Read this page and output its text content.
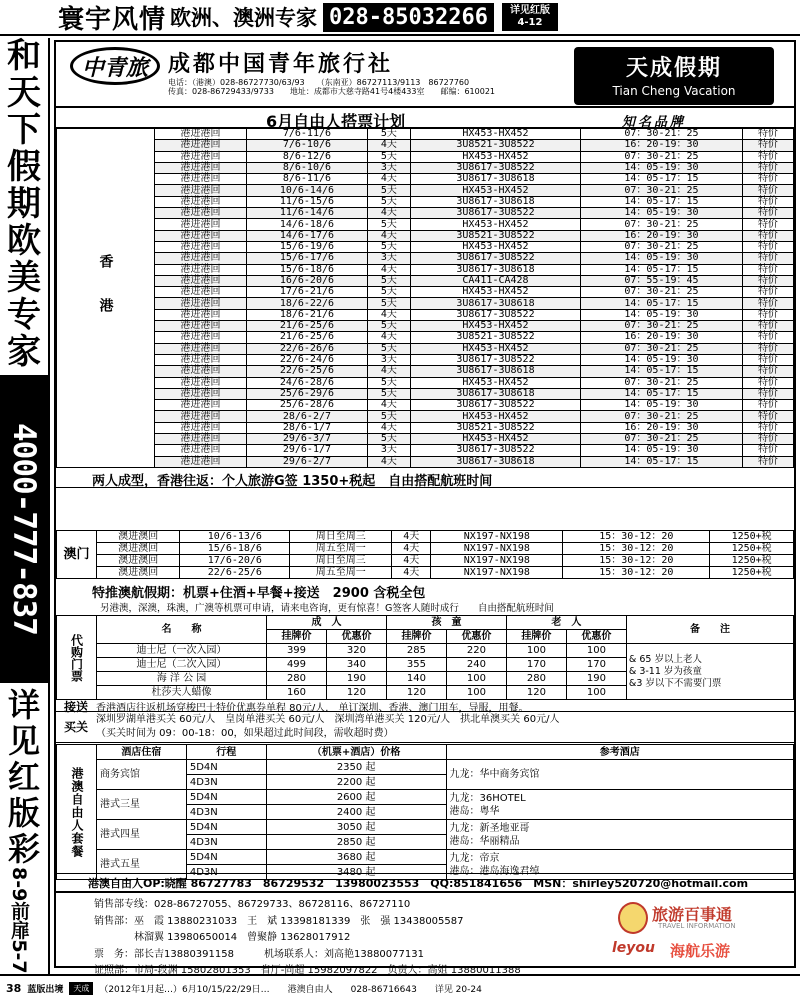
寰宇风情 欧洲、澳洲专家 028-85032266	详见红版
4-12
和
天
下
假
期
欧
美
专
家
4000-777-837
详
见
红
版
彩
8-9前扉5-7
中青旅 成都中国青年旅行社
电话：（港澳）028-86727730/63/93　　（东南亚）86727113/9113　86727760
传真：028-86729433/9733　　地址：成都市大慈寺路41号4楼433室　　邮编：610021
天成假期
Tian Cheng Vacation
6月自由人搭票计划	知名品牌
香港	港进港回	7/6-11/6	5天	HX453-HX452	07：30-21：25	特价
	港进港回	7/6-10/6	4天	3U8521-3U8522	16：20-19：30	特价
	港进港回	8/6-12/6	5天	HX453-HX452	07：30-21：25	特价
	港进港回	8/6-10/6	3天	3U8617-3U8522	14：05-19：30	特价
	港进港回	8/6-11/6	4天	3U8617-3U8618	14：05-17：15	特价
	港进港回	10/6-14/6	5天	HX453-HX452	07：30-21：25	特价
	港进港回	11/6-15/6	5天	3U8617-3U8618	14：05-17：15	特价
	港进港回	11/6-14/6	4天	3U8617-3U8522	14：05-19：30	特价
	港进港回	14/6-18/6	5天	HX453-HX452	07：30-21：25	特价
	港进港回	14/6-17/6	4天	3U8521-3U8522	16：20-19：30	特价
	港进港回	15/6-19/6	5天	HX453-HX452	07：30-21：25	特价
	港进港回	15/6-17/6	3天	3U8617-3U8522	14：05-19：30	特价
	港进港回	15/6-18/6	4天	3U8617-3U8618	14：05-17：15	特价
	港进港回	16/6-20/6	5天	CA411-CA428	07：55-19：45	特价
	港进港回	17/6-21/6	5天	HX453-HX452	07：30-21：25	特价
	港进港回	18/6-22/6	5天	3U8617-3U8618	14：05-17：15	特价
	港进港回	18/6-21/6	4天	3U8617-3U8522	14：05-19：30	特价
	港进港回	21/6-25/6	5天	HX453-HX452	07：30-21：25	特价
	港进港回	21/6-25/6	4天	3U8521-3U8522	16：20-19：30	特价
	港进港回	22/6-26/6	5天	HX453-HX452	07：30-21：25	特价
	港进港回	22/6-24/6	3天	3U8617-3U8522	14：05-19：30	特价
	港进港回	22/6-25/6	4天	3U8617-3U8618	14：05-17：15	特价
	港进港回	24/6-28/6	5天	HX453-HX452	07：30-21：25	特价
	港进港回	25/6-29/6	5天	3U8617-3U8618	14：05-17：15	特价
	港进港回	25/6-28/6	4天	3U8617-3U8522	14：05-19：30	特价
	港进港回	28/6-2/7	5天	HX453-HX452	07：30-21：25	特价
	港进港回	28/6-1/7	4天	3U8521-3U8522	16：20-19：30	特价
	港进港回	29/6-3/7	5天	HX453-HX452	07：30-21：25	特价
	港进港回	29/6-1/7	3天	3U8617-3U8522	14：05-19：30	特价
	港进港回	29/6-2/7	4天	3U8617-3U8618	14：05-17：15	特价
两人成型，香港往返：个人旅游G签 1350+税起　自由搭配航班时间
澳门	澳进澳回	10/6-13/6	周日至周三	4天	NX197-NX198	15：30-12：20	1250+税
	澳进澳回	15/6-18/6	周五至周一	4天	NX197-NX198	15：30-12：20	1250+税
	澳进澳回	17/6-20/6	周日至周三	4天	NX197-NX198	15：30-12：20	1250+税
	澳进澳回	22/6-25/6	周五至周一	4天	NX197-NX198	15：30-12：20	1250+税
特推澳航假期：机票+住酒+早餐+接送　2900 含税全包
另港澳，深澳，珠澳，广澳等机票可申请，请来电咨询，更有惊喜！G签客人随时成行　　自由搭配航班时间
代购门票	名　　称	成　人		孩　童		老　人		备　　注
		挂牌价	优惠价	挂牌价	优惠价	挂牌价	优惠价	
	迪士尼（一次入园）	399	320	285	220	100	100	& 65 岁以上老人
& 3-11 岁为孩童
&3 岁以下不需要门票

	迪士尼（二次入园）	499	340	355	240	170	170	
	海 洋 公 园	280	190	140	100	280	190	
	杜莎夫人蜡像	160	120	120	100	120	100	
接送 香港酒店往返机场穿梭巴士特价优惠券单程 80元/人.　单订深圳、香港、澳门用车，导服，用餐。
买关深圳罗湖单港买关 60元/人　皇岗单港买关 60元/人　深圳湾单港买关 120元/人　拱北单澳买关 60元/人
（买关时间为 09：00-18：00，如果超过此时间段，需收超时费）
港澳自由人套餐	酒店住宿	行程	（机票+酒店）价格	参考酒店
	商务宾馆	5D4N	2350 起	九龙：华中商务宾馆

		4D3N	2200 起	
	港式三星	5D4N	2600 起	九龙：36HOTEL
港岛：粤华

		4D3N	2400 起	
	港式四星	5D4N	3050 起	九龙：新圣地亚哥
港岛：华丽精品

		4D3N	2850 起	
	港式五星	5D4N	3680 起	九龙：帝京
港岛：港岛海逸君绰

		4D3N	3480 起	
港澳自由人OP:晓醒 86727783　86729532　13980023553　QQ:851841656　MSN：shirley520720@hotmail.com
销售部专线：028-86727055、86729733、86728116、86727110
销售部：巫　霞 13880231033　王　斌 13398181339　张　强 13438005587
　　　　林溜翼 13980650014　曾聚静 13628017912
票　务：部长吉13880391158　　　机场联系人：刘高艳13880077131
证照部：市局-段渊 15802801353　省厅-尚超 15982097822　负责人：高姐 13880011388
旅游百事通
TRAVEL INFORMATION
leyou 海航乐游
38 蓝版出境	天成	（2012年1月起…）6月10/15/22/29日…　　港澳自由人　　028-86716643　　详见 20-24
